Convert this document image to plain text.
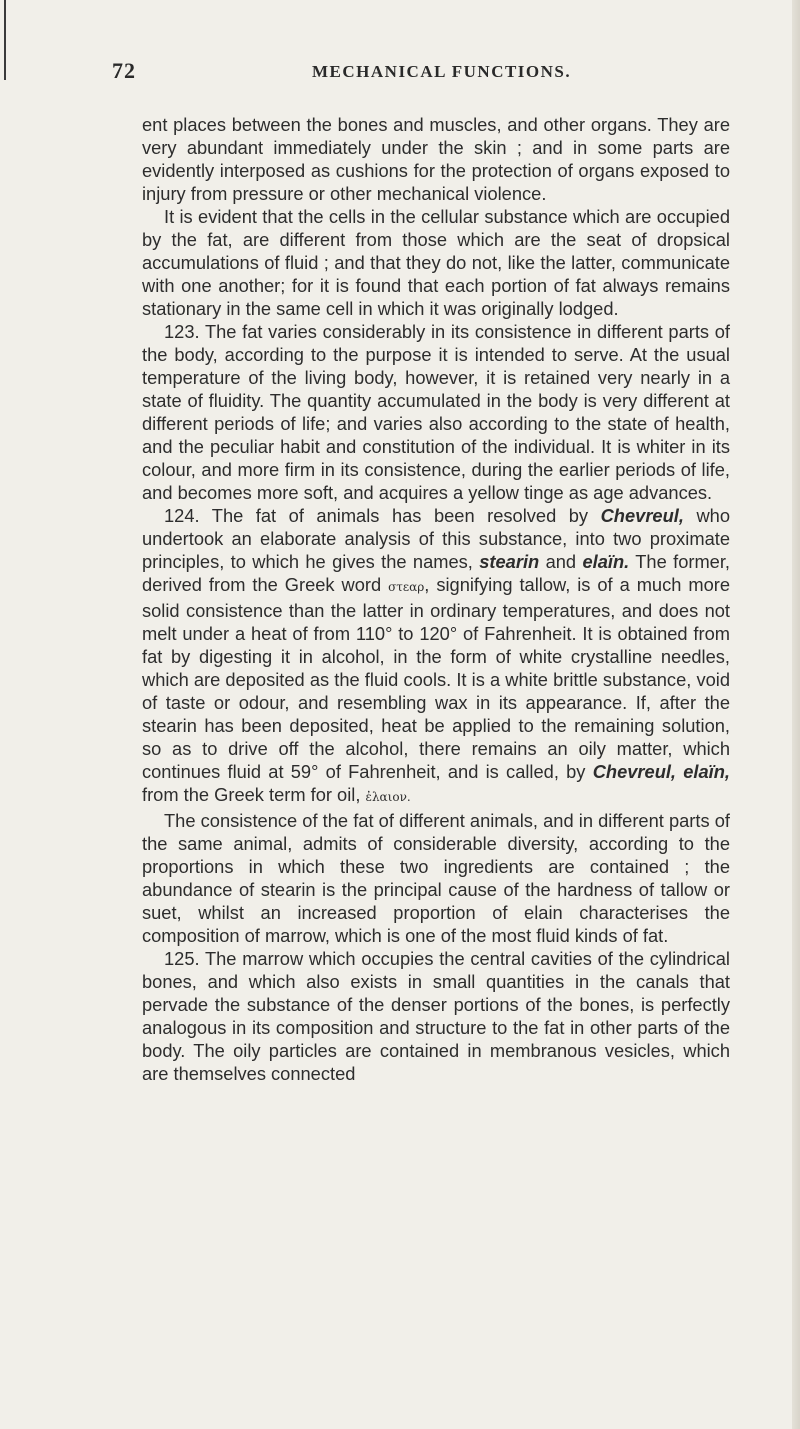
72	MECHANICAL FUNCTIONS.

ent places between the bones and muscles, and other organs. They are very abundant immediately under the skin ; and in some parts are evidently interposed as cushions for the protection of organs exposed to injury from pressure or other mechanical violence.

It is evident that the cells in the cellular substance which are occupied by the fat, are different from those which are the seat of dropsical accumulations of fluid ; and that they do not, like the latter, communicate with one another; for it is found that each portion of fat always remains stationary in the same cell in which it was originally lodged.

123. The fat varies considerably in its consistence in different parts of the body, according to the purpose it is intended to serve. At the usual temperature of the living body, however, it is retained very nearly in a state of fluidity. The quantity accumulated in the body is very different at different periods of life; and varies also according to the state of health, and the peculiar habit and constitution of the individual. It is whiter in its colour, and more firm in its consistence, during the earlier periods of life, and becomes more soft, and acquires a yellow tinge as age advances.

124. The fat of animals has been resolved by Chevreul, who undertook an elaborate analysis of this substance, into two proximate principles, to which he gives the names, stearin and elaïn. The former, derived from the Greek word στεαρ, signifying tallow, is of a much more solid consistence than the latter in ordinary temperatures, and does not melt under a heat of from 110° to 120° of Fahrenheit. It is obtained from fat by digesting it in alcohol, in the form of white crystalline needles, which are deposited as the fluid cools. It is a white brittle substance, void of taste or odour, and resembling wax in its appearance. If, after the stearin has been deposited, heat be applied to the remaining solution, so as to drive off the alcohol, there remains an oily matter, which continues fluid at 59° of Fahrenheit, and is called, by Chevreul, elaïn, from the Greek term for oil, ἐλαιον.

The consistence of the fat of different animals, and in different parts of the same animal, admits of considerable diversity, according to the proportions in which these two ingredients are contained ; the abundance of stearin is the principal cause of the hardness of tallow or suet, whilst an increased proportion of elain characterises the composition of marrow, which is one of the most fluid kinds of fat.

125. The marrow which occupies the central cavities of the cylindrical bones, and which also exists in small quantities in the canals that pervade the substance of the denser portions of the bones, is perfectly analogous in its composition and structure to the fat in other parts of the body. The oily particles are contained in membranous vesicles, which are themselves connected
